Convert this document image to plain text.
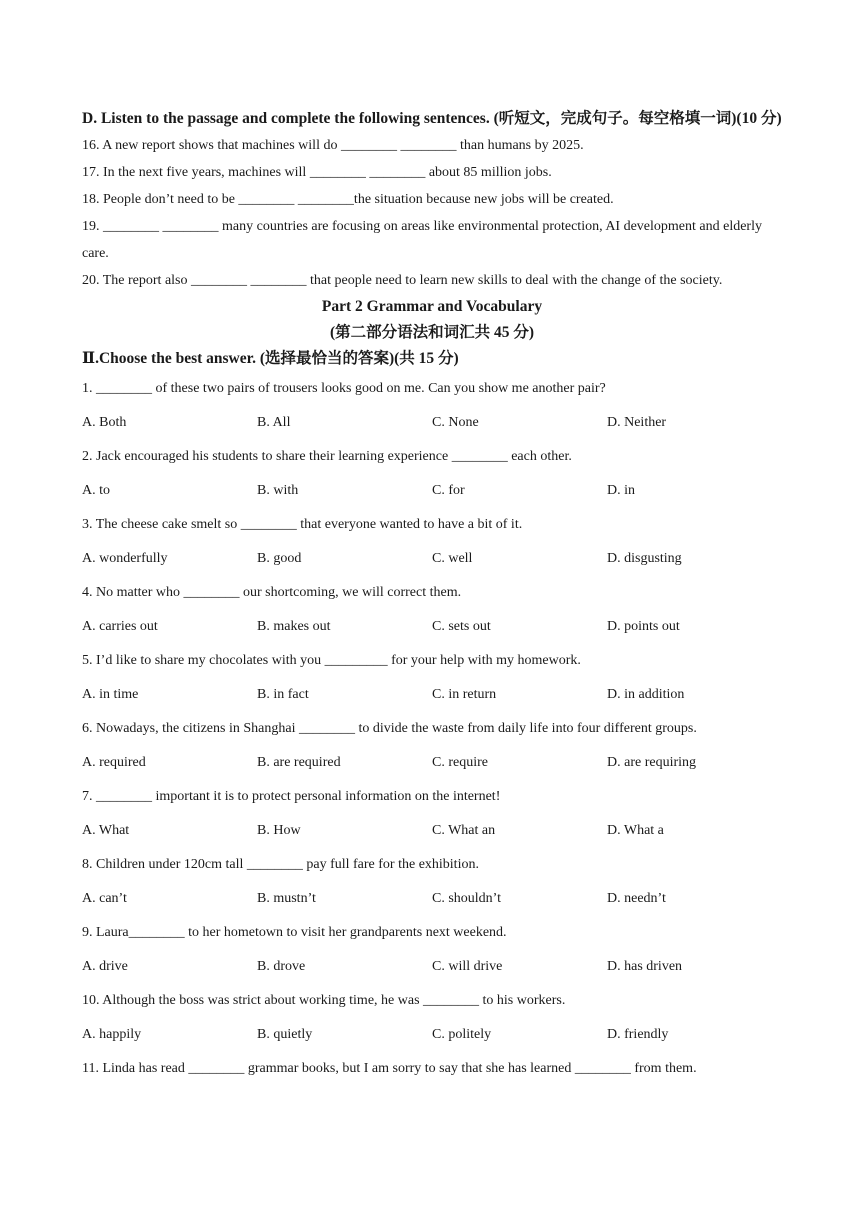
D. Listen to the passage and complete the following sentences. (听短文，完成句子。每空格填一词)(10 分)

16. A new report shows that machines will do ________ ________ than humans by 2025.

17. In the next five years, machines will ________ ________ about 85 million jobs.

18. People don’t need to be ________ ________the situation because new jobs will be created.

19. ________ ________ many countries are focusing on areas like environmental protection, AI development and elderly care.

20. The report also ________ ________ that people need to learn new skills to deal with the change of the society.

Part 2 Grammar and Vocabulary

(第二部分语法和词汇共 45 分)

Ⅱ.Choose the best answer. (选择最恰当的答案)(共 15 分)

1. ________ of these two pairs of trousers looks good on me. Can you show me another pair?

A. Both	B. All	C. None	D. Neither

2. Jack encouraged his students to share their learning experience ________ each other.

A. to	B. with	C. for	D. in

3. The cheese cake smelt so ________ that everyone wanted to have a bit of it.

A. wonderfully	B. good	C. well	D. disgusting

4. No matter who ________ our shortcoming, we will correct them.

A. carries out	B. makes out	C. sets out	D. points out

5. I’d like to share my chocolates with you _________ for your help with my homework.

A. in time	B. in fact	C. in return	D. in addition

6. Nowadays, the citizens in Shanghai ________ to divide the waste from daily life into four different groups.

A. required	B. are required	C. require	D. are requiring

7. ________ important it is to protect personal information on the internet!

A. What	B. How	C. What an	D. What a

8. Children under 120cm tall ________ pay full fare for the exhibition.

A. can’t	B. mustn’t	C. shouldn’t	D. needn’t

9. Laura________ to her hometown to visit her grandparents next weekend.

A. drive	B. drove	C. will drive	D. has driven

10. Although the boss was strict about working time, he was ________ to his workers.

A. happily	B. quietly	C. politely	D. friendly

11. Linda has read ________ grammar books, but I am sorry to say that she has learned ________ from them.
